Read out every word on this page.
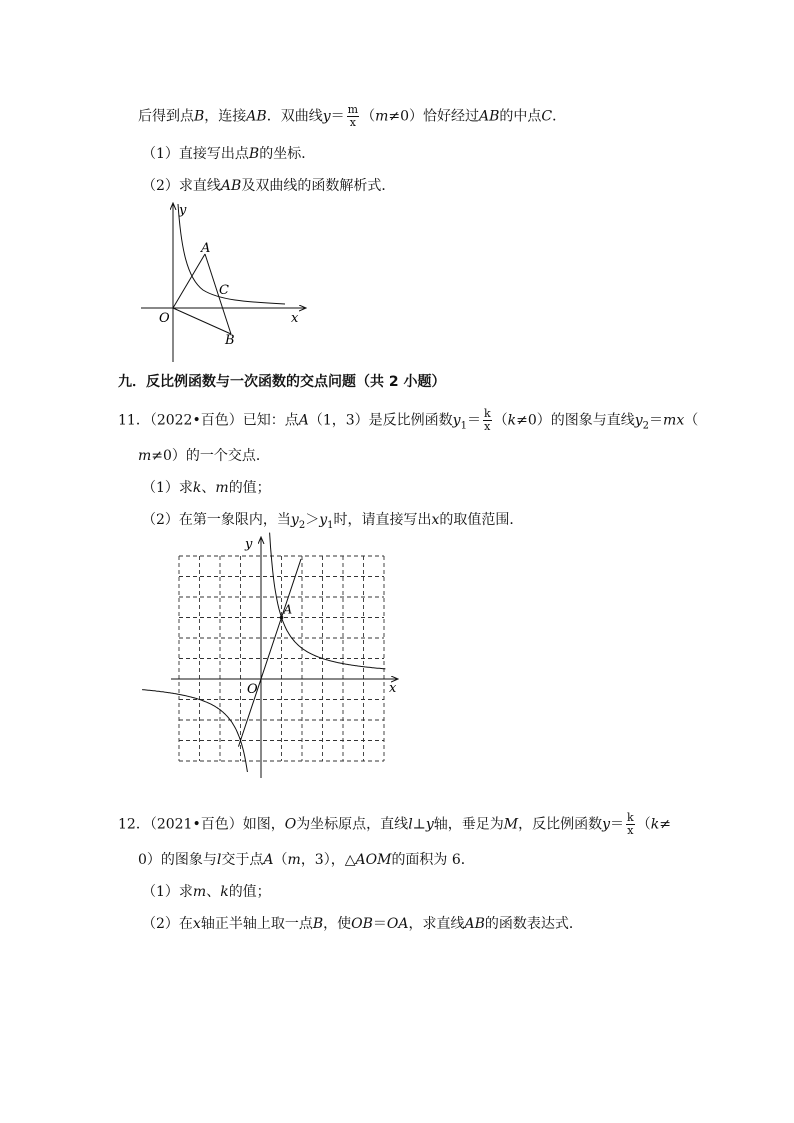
后得到点B，连接AB．双曲线$y= \frac{m}{x} (m\ne 0)$恰好经过AB的中点C．
（1）直接写出点B的坐标．
（2）求直线AB及双曲线的函数解析式．
y
x
O
A
B
C
九．反比例函数与一次函数的交点问题（共 2 小题）
11．（2022•百色）已知：点A（1，3）是反比例函数$y_1= \frac{k}{x} (k\ne 0)$的图象与直线$y_2=mx$（
m≠0）的一个交点．
（1）求k、m的值；
（2）在第一象限内，当$y_2>y_1$时，请直接写出x的取值范围．
y
x
O
A
12．（2021•百色）如图，O为坐标原点，直线l⊥y轴，垂足为M，反比例函数$y= \frac{k}{x} (k\ne$
0）的图象与l交于点A（m，3），△AOM的面积为 6．
（1）求m、k的值；
（2）在x轴正半轴上取一点B，使OB＝OA，求直线AB的函数表达式．
